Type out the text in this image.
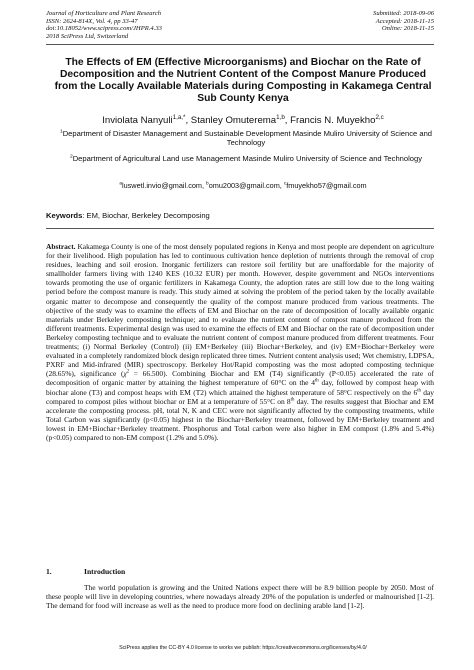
Journal of Horticulture and Plant Research
ISSN: 2624-814X, Vol. 4, pp 33-47
doi:10.18052/www.scipress.com/JHPR.4.33
2018 SciPress Ltd, Switzerland
Submitted: 2018-09-06
Accepted: 2018-11-15
Online: 2018-11-15
The Effects of EM (Effective Microorganisms) and Biochar on the Rate of Decomposition and the Nutrient Content of the Compost Manure Produced from the Locally Available Materials during Composting in Kakamega Central Sub County Kenya
Inviolata Nanyuli$^{1,a,*}$, Stanley Omuterema$^{1,b}$, Francis N. Muyekho$^{2,c}$
$^1$Department of Disaster Management and Sustainable Development Masinde Muliro University of Science and Technology
$^2$Department of Agricultural Land use Management Masinde Muliro University of Science and Technology
$^a$luswetl.invio@gmail.com, $^b$omu2003@gmail.com, $^c$fmuyekho57@gmail.com
Keywords: EM, Biochar, Berkeley Decomposing
Abstract. Kakamega County is one of the most densely populated regions in Kenya and most people are dependent on agriculture for their livelihood. High population has led to continuous cultivation hence depletion of nutrients through the removal of crop residues, leaching and soil erosion. Inorganic fertilizers can restore soil fertility but are unaffordable for the majority of smallholder farmers living with 1240 KES (10.32 EUR) per month. However, despite government and NGOs interventions towards promoting the use of organic fertilizers in Kakamega County, the adoption rates are still low due to the long waiting period before the compost manure is ready. This study aimed at solving the problem of the period taken by the locally available organic matter to decompose and consequently the quality of the compost manure produced from various treatments. The objective of the study was to examine the effects of EM and Biochar on the rate of decomposition of locally available organic materials under Berkeley composting technique; and to evaluate the nutrient content of compost manure produced from the different treatments. Experimental design was used to examine the effects of EM and Biochar on the rate of decomposition under Berkeley composting technique and to evaluate the nutrient content of compost manure produced from different treatments. Four treatments; (i) Normal Berkeley (Control) (ii) EM+Berkeley (iii) Biochar+Berkeley, and (iv) EM+Biochar+Berkeley were evaluated in a completely randomized block design replicated three times. Nutrient content analysis used; Wet chemistry, LDPSA, PXRF and Mid-infrared (MIR) spectroscopy. Berkeley Hot/Rapid composting was the most adopted composting technique (28.65%), significance $(\chi^2 = 66.500)$. Combining Biochar and EM (T4) significantly (P<0.05) accelerated the rate of decomposition of organic matter by attaining the highest temperature of 60°C on the 4th day, followed by compost heap with biochar alone (T3) and compost heaps with EM (T2) which attained the highest temperature of 58°C respectively on the 6th day compared to compost piles without biochar or EM at a temperature of 55°C on 8th day. The results suggest that Biochar and EM accelerate the composting process. pH, total N, K and CEC were not significantly affected by the composting treatments, while Total Carbon was significantly (p<0.05) highest in the Biochar+Berkeley treatment, followed by EM+Berkeley treatment and lowest in EM+Biochar+Berkeley treatment. Phosphorus and Total carbon were also higher in EM compost (1.8% and 5.4%) (p<0.05) compared to non-EM compost (1.2% and 5.0%).
1.	Introduction
The world population is growing and the United Nations expect there will be 8.9 billion people by 2050. Most of these people will live in developing countries, where nowadays already 20% of the population is underfed or malnourished [1-2]. The demand for food will increase as well as the need to produce more food on declining arable land [1-2].
SciPress applies the CC-BY 4.0 license to works we publish: https://creativecommons.org/licenses/by/4.0/
